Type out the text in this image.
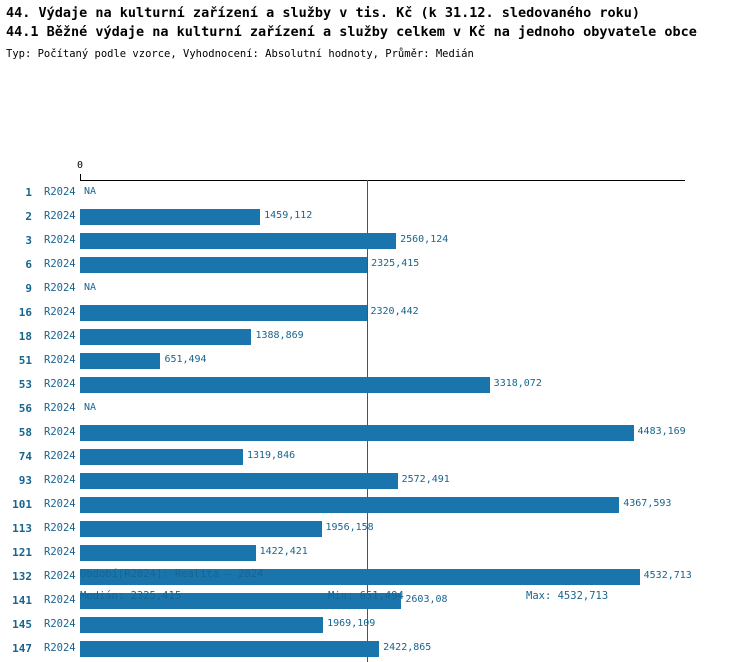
44. Výdaje na kulturní zařízení a služby v tis. Kč (k 31.12. sledovaného roku)
44.1 Běžné výdaje na kulturní zařízení a služby celkem v Kč na jednoho obyvatele obce
Typ: Počítaný podle vzorce, Vyhodnocení: Absolutní hodnoty, Průměr: Medián
0
1 R2024 NA
2 R2024	1459,112
3 R2024	2560,124
6 R2024	2325,415
9 R2024 NA
16 R2024	2320,442
18 R2024	1388,869
51 R2024	651,494
53 R2024	3318,072
56 R2024 NA
58 R2024	4483,169
74 R2024	1319,846
93 R2024	2572,491
101 R2024	4367,593
113 R2024	1956,158
121 R2024	1422,421
132 R2024	4532,713
141 R2024	2603,08
145 R2024	1969,109
147 R2024	2422,865
Období[R2024]: Realita – 2024
Medián: 2325,415	Min: 651,494	Max: 4532,713
